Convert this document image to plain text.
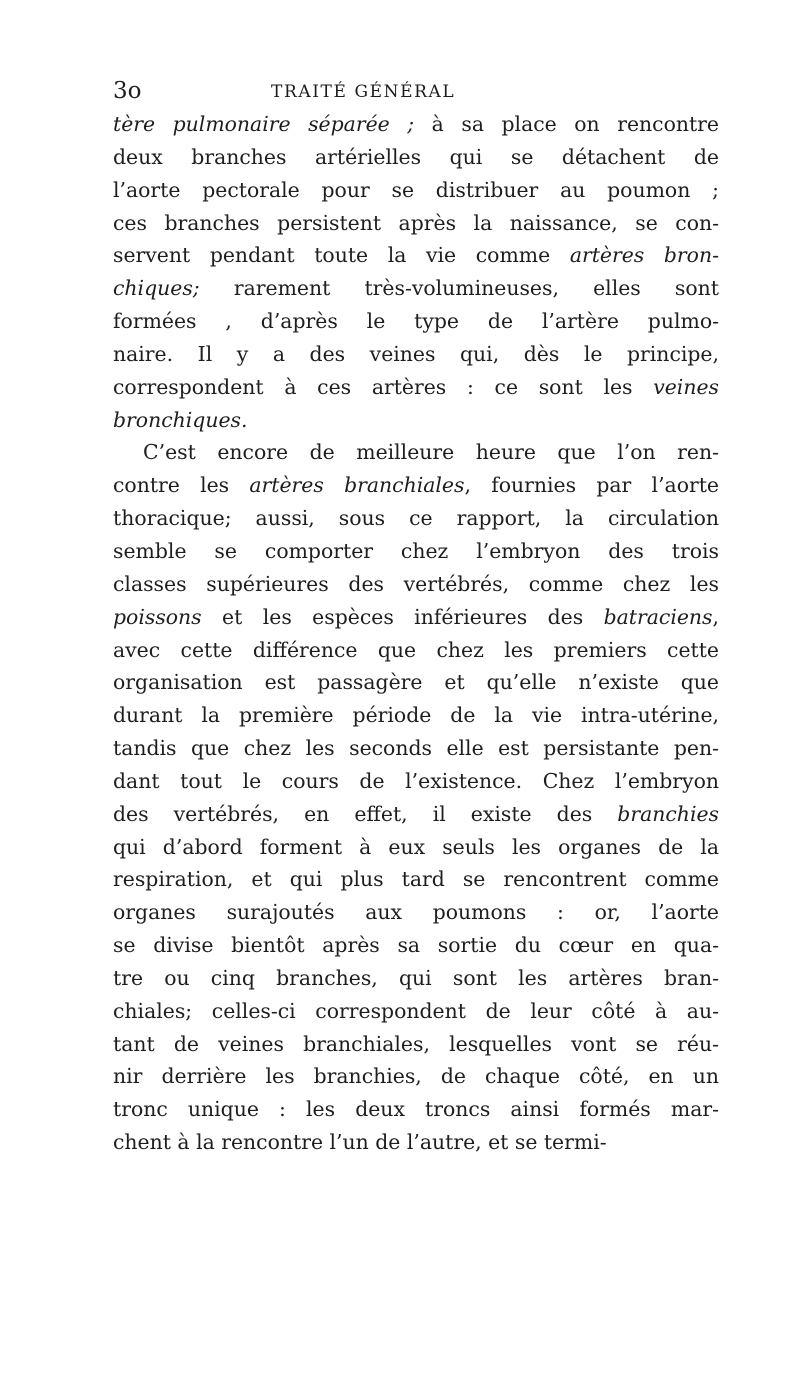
3o	TRAITÉ GÉNÉRAL
tère pulmonaire séparée ; à sa place on rencontre
deux branches artérielles qui se détachent de
l’aorte pectorale pour se distribuer au poumon ;
ces branches persistent après la naissance, se con-
servent pendant toute la vie comme artères bron-
chiques; rarement très-volumineuses, elles sont
formées , d’après le type de l’artère pulmo-
naire. Il y a des veines qui, dès le principe,
correspondent à ces artères : ce sont les veines
bronchiques.
C’est encore de meilleure heure que l’on ren-
contre les artères branchiales, fournies par l’aorte
thoracique; aussi, sous ce rapport, la circulation
semble se comporter chez l’embryon des trois
classes supérieures des vertébrés, comme chez les
poissons et les espèces inférieures des batraciens,
avec cette différence que chez les premiers cette
organisation est passagère et qu’elle n’existe que
durant la première période de la vie intra-utérine,
tandis que chez les seconds elle est persistante pen-
dant tout le cours de l’existence. Chez l’embryon
des vertébrés, en effet, il existe des branchies
qui d’abord forment à eux seuls les organes de la
respiration, et qui plus tard se rencontrent comme
organes surajoutés aux poumons : or, l’aorte
se divise bientôt après sa sortie du cœur en qua-
tre ou cinq branches, qui sont les artères bran-
chiales; celles-ci correspondent de leur côté à au-
tant de veines branchiales, lesquelles vont se réu-
nir derrière les branchies, de chaque côté, en un
tronc unique : les deux troncs ainsi formés mar-
chent à la rencontre l’un de l’autre, et se termi-
